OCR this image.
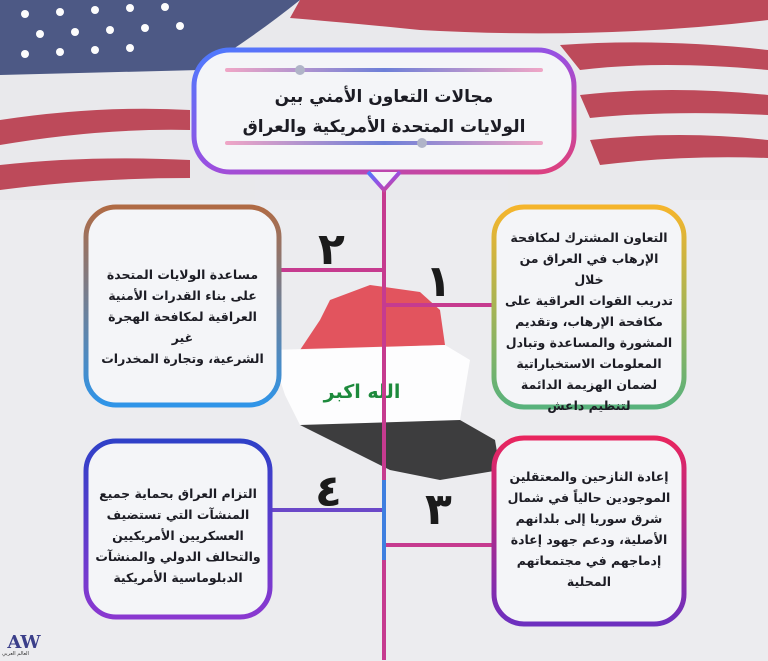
الله اكبر
مجالات التعاون الأمني بين
الولايات المتحدة الأمريكية والعراق
١
٢
٣
٤
التعاون المشترك لمكافحة
الإرهاب في العراق من خلال
تدريب القوات العراقية على
مكافحة الإرهاب، وتقديم
المشورة والمساعدة وتبادل
المعلومات الاستخباراتية
لضمان الهزيمة الدائمة
لتنظيم داعش
مساعدة الولايات المتحدة
على بناء القدرات الأمنية
العراقية لمكافحة الهجرة غير
الشرعية، وتجارة المخدرات
إعادة النازحين والمعتقلين
الموجودين حالياً في شمال
شرق سوريا إلى بلدانهم
الأصلية، ودعم جهود إعادة
إدماجهم في مجتمعاتهم
المحلية
التزام العراق بحماية جميع
المنشآت التي تستضيف
العسكريين الأمريكيين
والتحالف الدولي والمنشآت
الدبلوماسية الأمريكية
AW
العالم العربي
